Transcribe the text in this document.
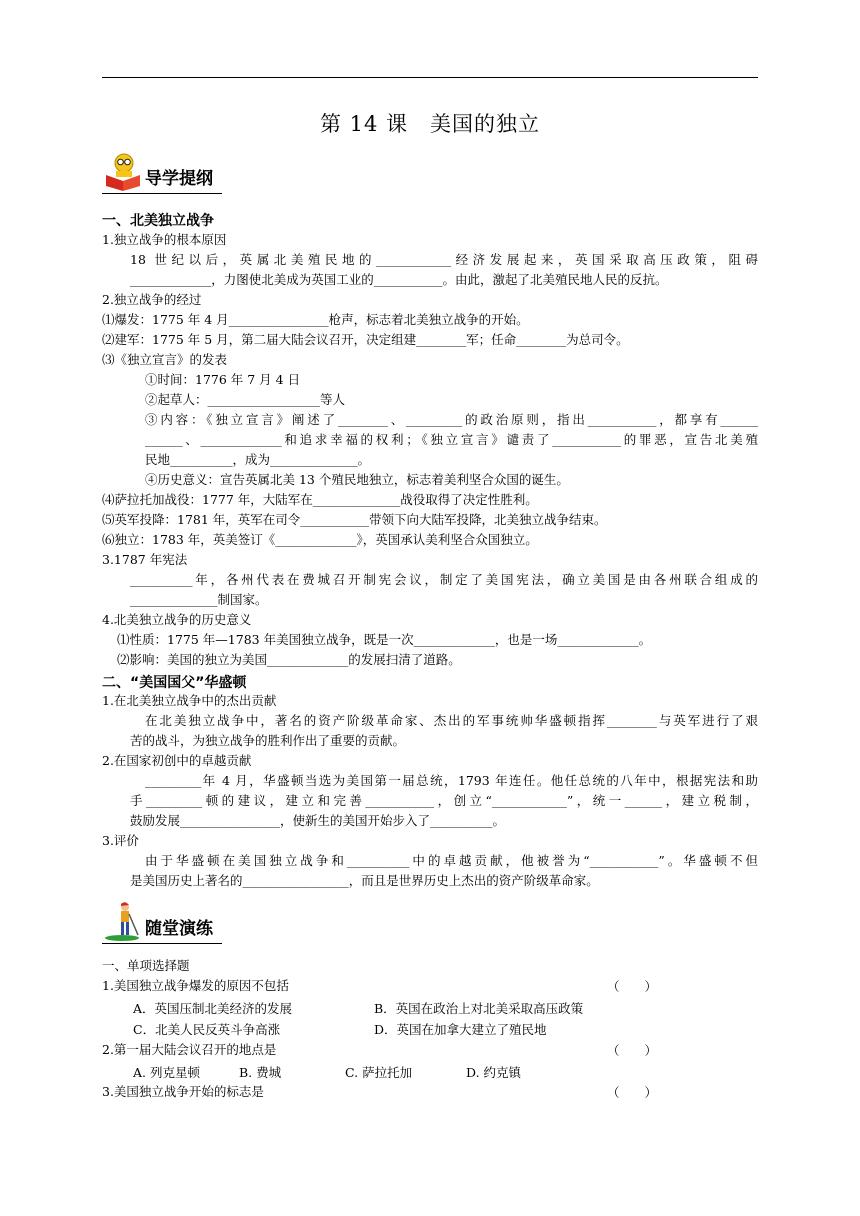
第 14 课　美国的独立
导学提纲
一、北美独立战争
1.独立战争的根本原因
18 世纪以后，英属北美殖民地的____________经济发展起来，英国采取高压政策，阻碍
_____________，力图使北美成为英国工业的___________。由此，激起了北美殖民地人民的反抗。
2.独立战争的经过
⑴爆发：1775 年 4 月________________枪声，标志着北美独立战争的开始。
⑵建军：1775 年 5 月，第二届大陆会议召开，决定组建________军；任命________为总司令。
⑶《独立宣言》的发表
①时间：1776 年 7 月 4 日
②起草人：__________________等人
③内容：《独立宣言》阐述了________、_________的政治原则，指出___________，都享有______
______、_____________和追求幸福的权利；《独立宣言》谴责了___________的罪恶，宣告北美殖
民地__________，成为______________。
④历史意义：宣告英属北美 13 个殖民地独立，标志着美利坚合众国的诞生。
⑷萨拉托加战役：1777 年，大陆军在______________战役取得了决定性胜利。
⑸英军投降：1781 年，英军在司令___________带领下向大陆军投降，北美独立战争结束。
⑹独立：1783 年，英美签订《_____________》，英国承认美利坚合众国独立。
3.1787 年宪法
__________年，各州代表在费城召开制宪会议，制定了美国宪法，确立美国是由各州联合组成的
______________制国家。
4.北美独立战争的历史意义
⑴性质：1775 年—1783 年美国独立战争，既是一次_____________，也是一场_____________。
⑵影响：美国的独立为美国_____________的发展扫清了道路。
二、“美国国父”华盛顿
1.在北美独立战争中的杰出贡献
在北美独立战争中，著名的资产阶级革命家、杰出的军事统帅华盛顿指挥________与英军进行了艰
苦的战斗，为独立战争的胜利作出了重要的贡献。
2.在国家初创中的卓越贡献
_________年 4 月，华盛顿当选为美国第一届总统，1793 年连任。他任总统的八年中，根据宪法和助
手_________顿的建议，建立和完善___________，创立“____________”，统一______，建立税制，
鼓励发展________________，使新生的美国开始步入了__________。
3.评价
由于华盛顿在美国独立战争和__________中的卓越贡献，他被誉为“___________”。华盛顿不但
是美国历史上著名的_________________，而且是世界历史上杰出的资产阶级革命家。
随堂演练
一、单项选择题
1.美国独立战争爆发的原因不包括	（　　）
A．英国压制北美经济的发展	B．英国在政治上对北美采取高压政策
C．北美人民反英斗争高涨	D．英国在加拿大建立了殖民地
2.第一届大陆会议召开的地点是	（　　）
A. 列克星顿	B. 费城	C. 萨拉托加	D. 约克镇
3.美国独立战争开始的标志是	（　　）
